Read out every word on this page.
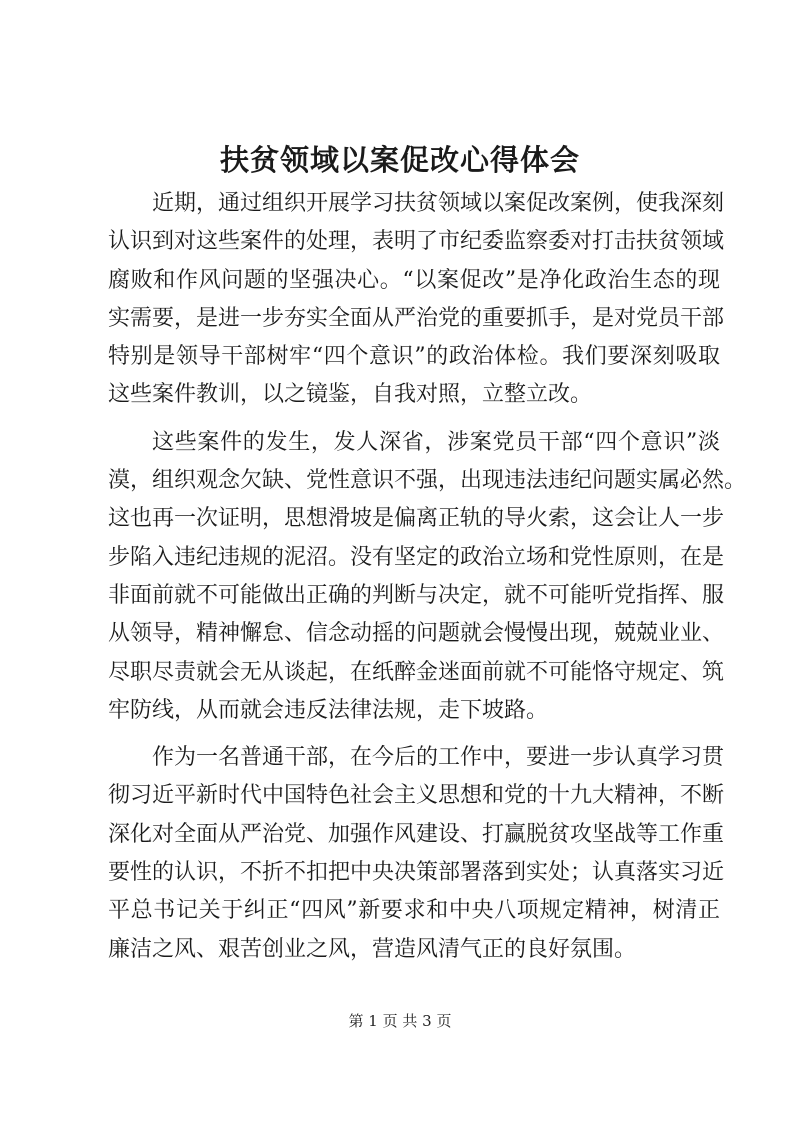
扶贫领域以案促改心得体会
近期，通过组织开展学习扶贫领域以案促改案例，使我深刻
认识到对这些案件的处理，表明了市纪委监察委对打击扶贫领域
腐败和作风问题的坚强决心。“以案促改”是净化政治生态的现
实需要，是进一步夯实全面从严治党的重要抓手，是对党员干部
特别是领导干部树牢“四个意识”的政治体检。我们要深刻吸取
这些案件教训，以之镜鉴，自我对照，立整立改。
这些案件的发生，发人深省，涉案党员干部“四个意识”淡
漠，组织观念欠缺、党性意识不强，出现违法违纪问题实属必然。
这也再一次证明，思想滑坡是偏离正轨的导火索，这会让人一步
步陷入违纪违规的泥沼。没有坚定的政治立场和党性原则，在是
非面前就不可能做出正确的判断与决定，就不可能听党指挥、服
从领导，精神懈怠、信念动摇的问题就会慢慢出现，兢兢业业、
尽职尽责就会无从谈起，在纸醉金迷面前就不可能恪守规定、筑
牢防线，从而就会违反法律法规，走下坡路。
作为一名普通干部，在今后的工作中，要进一步认真学习贯
彻习近平新时代中国特色社会主义思想和党的十九大精神，不断
深化对全面从严治党、加强作风建设、打赢脱贫攻坚战等工作重
要性的认识，不折不扣把中央决策部署落到实处；认真落实习近
平总书记关于纠正“四风”新要求和中央八项规定精神，树清正
廉洁之风、艰苦创业之风，营造风清气正的良好氛围。
第 1 页 共 3 页
